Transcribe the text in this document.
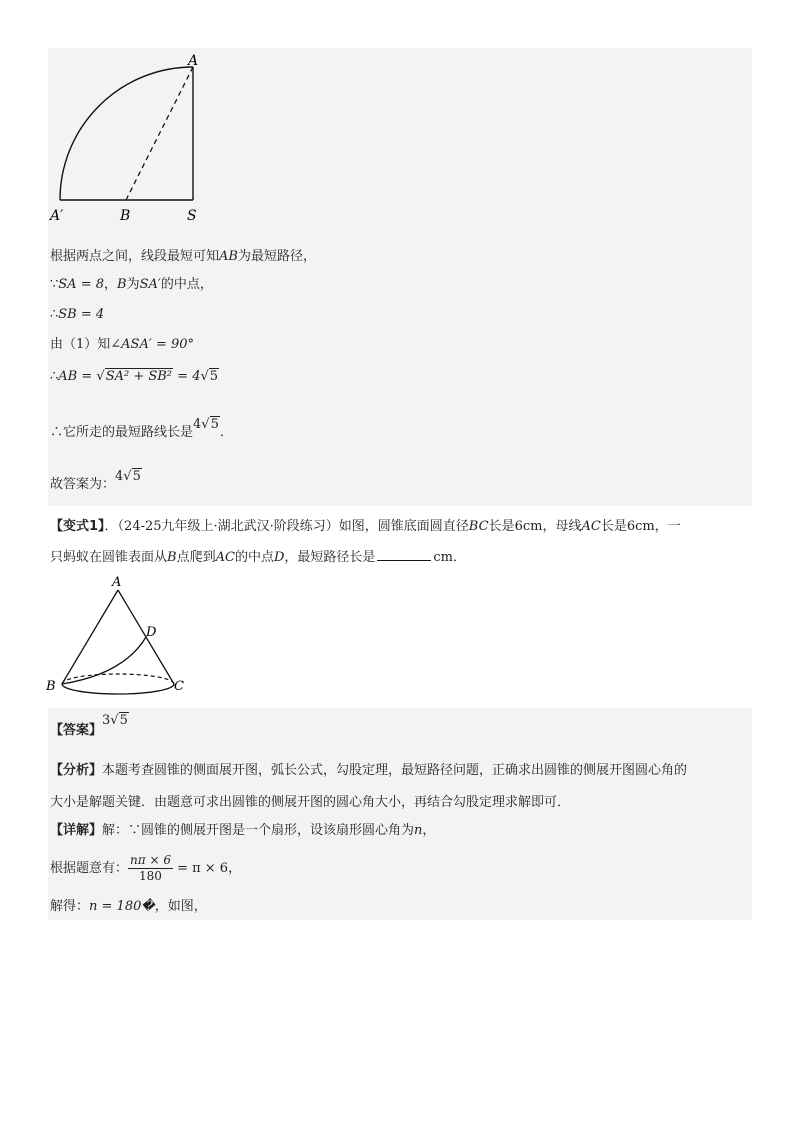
A
A′	B	S
根据两点之间，线段最短可知AB为最短路径，
∵SA = 8，B为SA′的中点，
∴SB = 4
由（1）知∠ASA′ = 90°
∴AB = √SA² + SB² = 4√5
∴它所走的最短路线长是4√5．
故答案为：4√5
【变式1】．（24-25九年级上·湖北武汉·阶段练习）如图，圆锥底面圆直径BC长是6cm，母线AC长是6cm，一
只蚂蚁在圆锥表面从B点爬到AC的中点D，最短路径长是	cm．
A
B	C
D
【答案】3√5
【分析】本题考查圆锥的侧面展开图，弧长公式，勾股定理，最短路径问题，正确求出圆锥的侧展开图圆心角的
大小是解题关键．由题意可求出圆锥的侧展开图的圆心角大小，再结合勾股定理求解即可．
【详解】解：∵圆锥的侧展开图是一个扇形，设该扇形圆心角为n，
根据题意有： $\frac{n\pi \times 6}{180} = \pi \times 6$，
解得：n = 180�，如图，
